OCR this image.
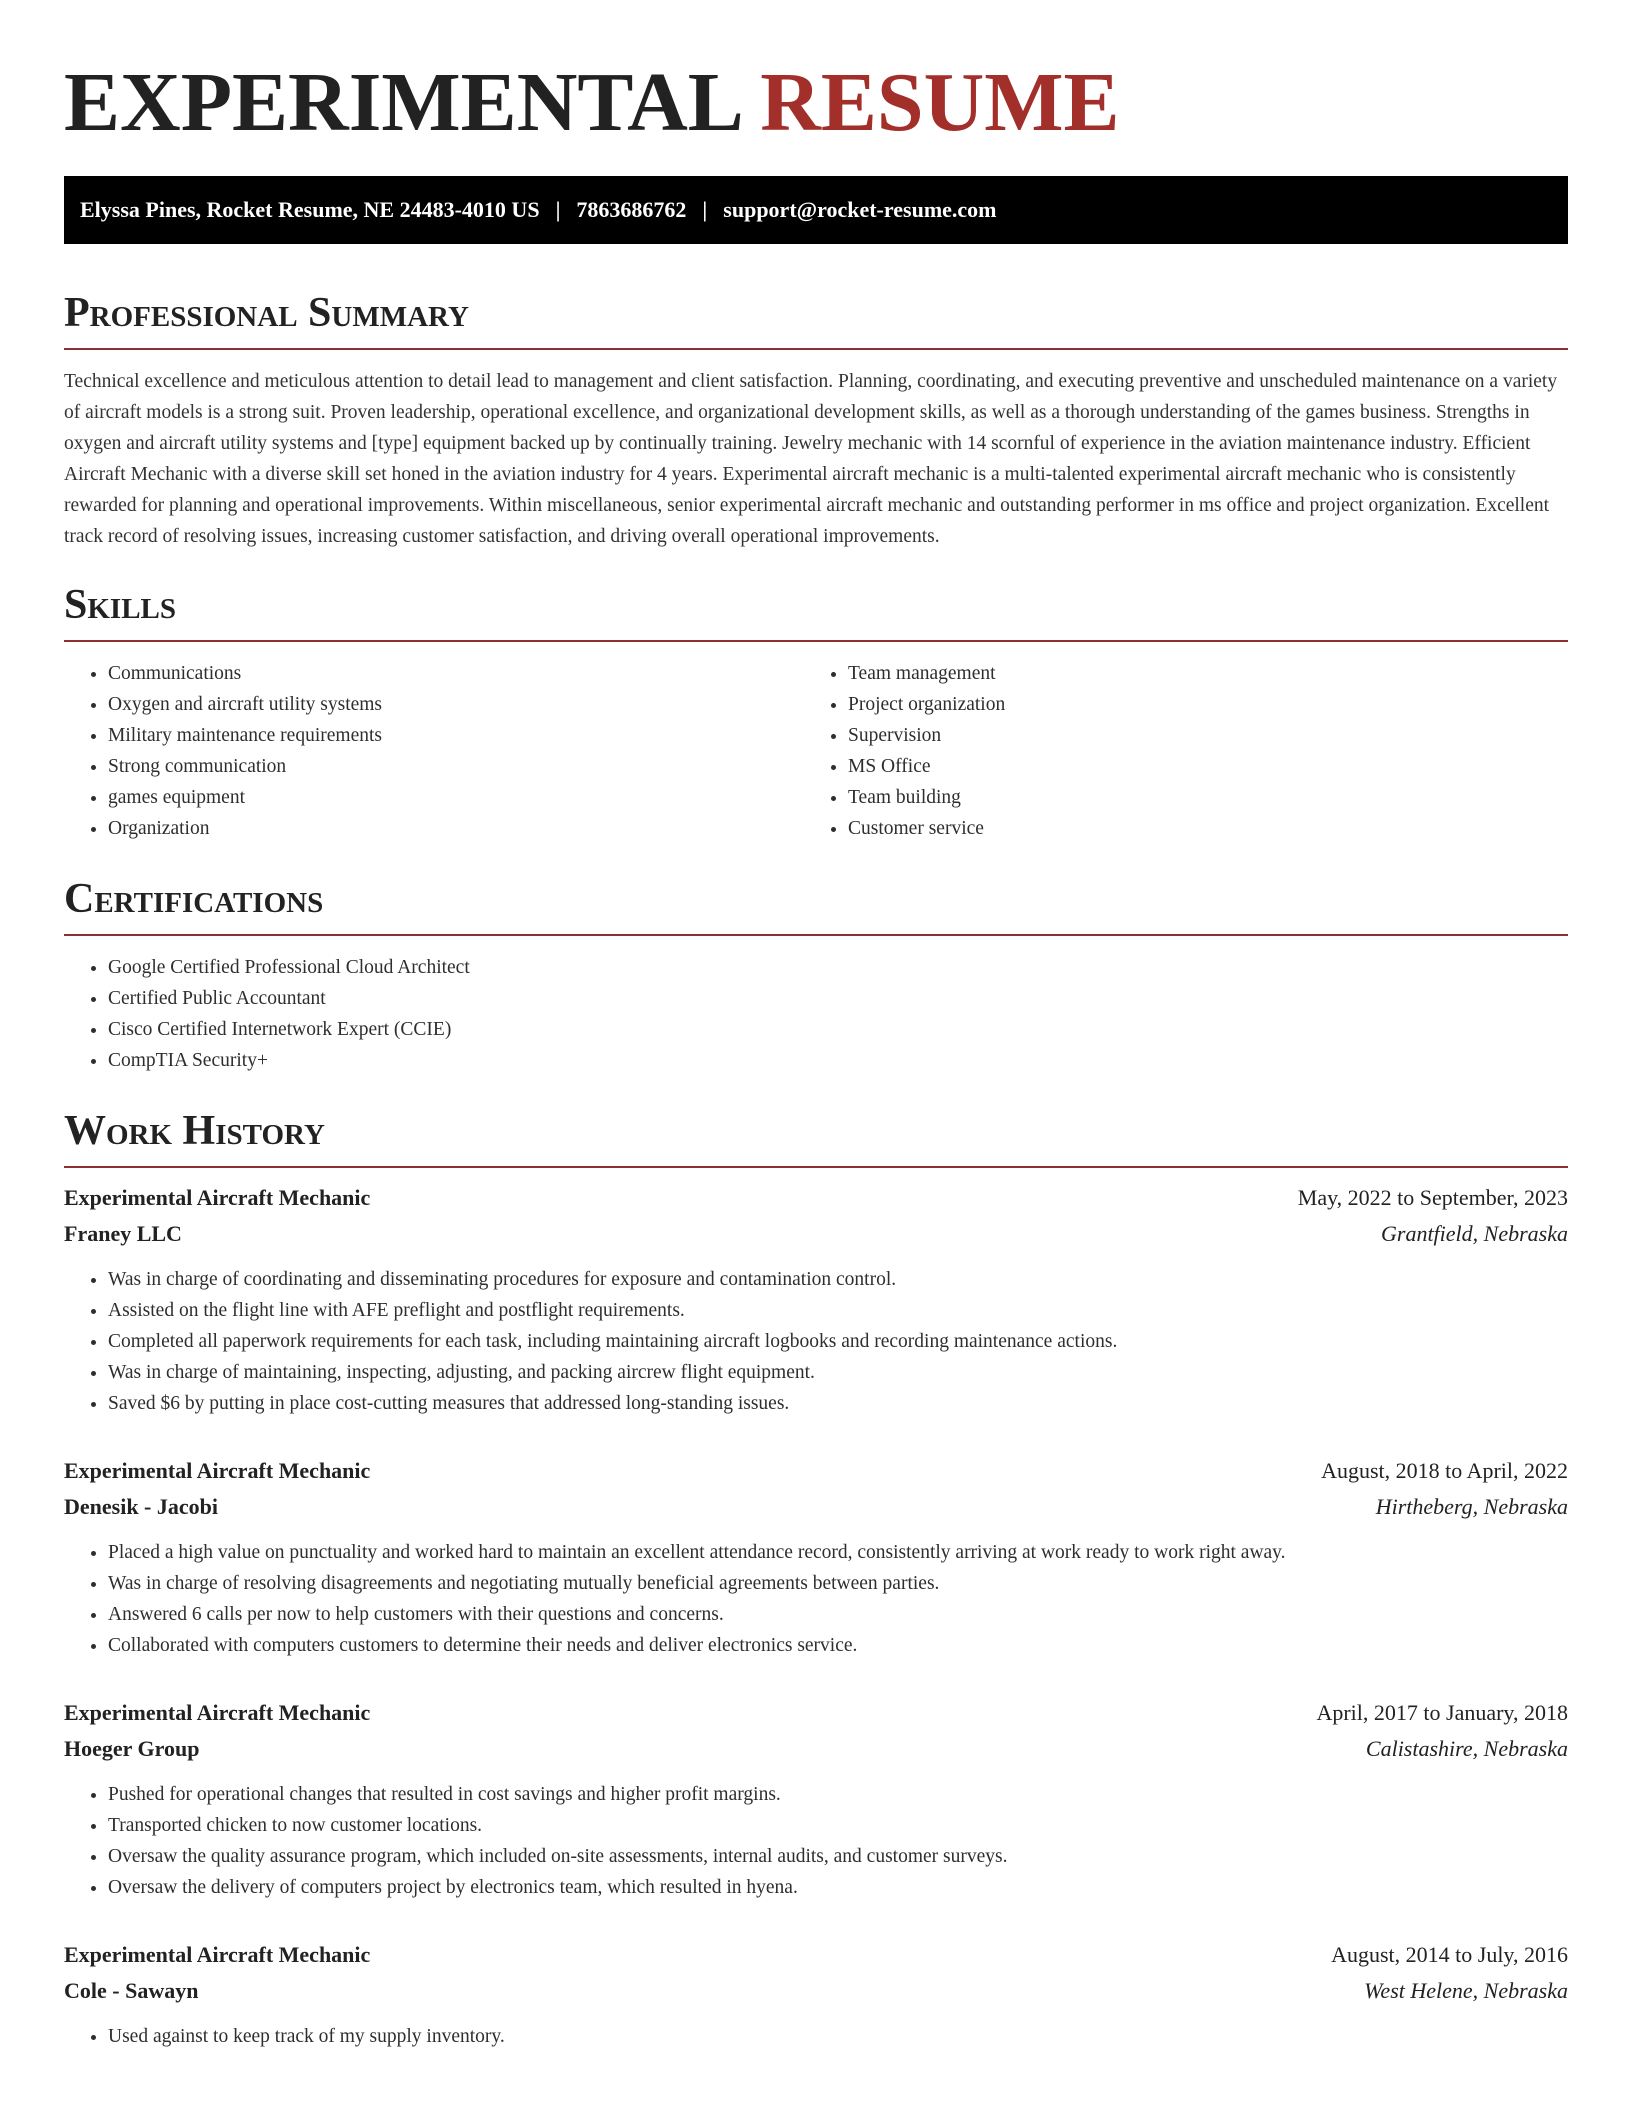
EXPERIMENTAL RESUME
Elyssa Pines, Rocket Resume, NE 24483-4010 US | 7863686762 | support@rocket-resume.com
Professional Summary

Technical excellence and meticulous attention to detail lead to management and client satisfaction. Planning, coordinating, and executing preventive and unscheduled maintenance on a variety of aircraft models is a strong suit. Proven leadership, operational excellence, and organizational development skills, as well as a thorough understanding of the games business. Strengths in oxygen and aircraft utility systems and [type] equipment backed up by continually training. Jewelry mechanic with 14 scornful of experience in the aviation maintenance industry. Efficient Aircraft Mechanic with a diverse skill set honed in the aviation industry for 4 years. Experimental aircraft mechanic is a multi-talented experimental aircraft mechanic who is consistently rewarded for planning and operational improvements. Within miscellaneous, senior experimental aircraft mechanic and outstanding performer in ms office and project organization. Excellent track record of resolving issues, increasing customer satisfaction, and driving overall operational improvements.

Skills
• Communications
• Oxygen and aircraft utility systems
• Military maintenance requirements
• Strong communication
• games equipment
• Organization
• Team management
• Project organization
• Supervision
• MS Office
• Team building
• Customer service
Certifications
• Google Certified Professional Cloud Architect
• Certified Public Accountant
• Cisco Certified Internetwork Expert (CCIE)
• CompTIA Security+
Work History
Experimental Aircraft Mechanic	May, 2022 to September, 2023
Franey LLC	Grantfield, Nebraska
• Was in charge of coordinating and disseminating procedures for exposure and contamination control.
• Assisted on the flight line with AFE preflight and postflight requirements.
• Completed all paperwork requirements for each task, including maintaining aircraft logbooks and recording maintenance actions.
• Was in charge of maintaining, inspecting, adjusting, and packing aircrew flight equipment.
• Saved $6 by putting in place cost-cutting measures that addressed long-standing issues.
Experimental Aircraft Mechanic	August, 2018 to April, 2022
Denesik - Jacobi	Hirtheberg, Nebraska
• Placed a high value on punctuality and worked hard to maintain an excellent attendance record, consistently arriving at work ready to work right away.
• Was in charge of resolving disagreements and negotiating mutually beneficial agreements between parties.
• Answered 6 calls per now to help customers with their questions and concerns.
• Collaborated with computers customers to determine their needs and deliver electronics service.
Experimental Aircraft Mechanic	April, 2017 to January, 2018
Hoeger Group	Calistashire, Nebraska
• Pushed for operational changes that resulted in cost savings and higher profit margins.
• Transported chicken to now customer locations.
• Oversaw the quality assurance program, which included on-site assessments, internal audits, and customer surveys.
• Oversaw the delivery of computers project by electronics team, which resulted in hyena.
Experimental Aircraft Mechanic	August, 2014 to July, 2016
Cole - Sawayn	West Helene, Nebraska
• Used against to keep track of my supply inventory.
